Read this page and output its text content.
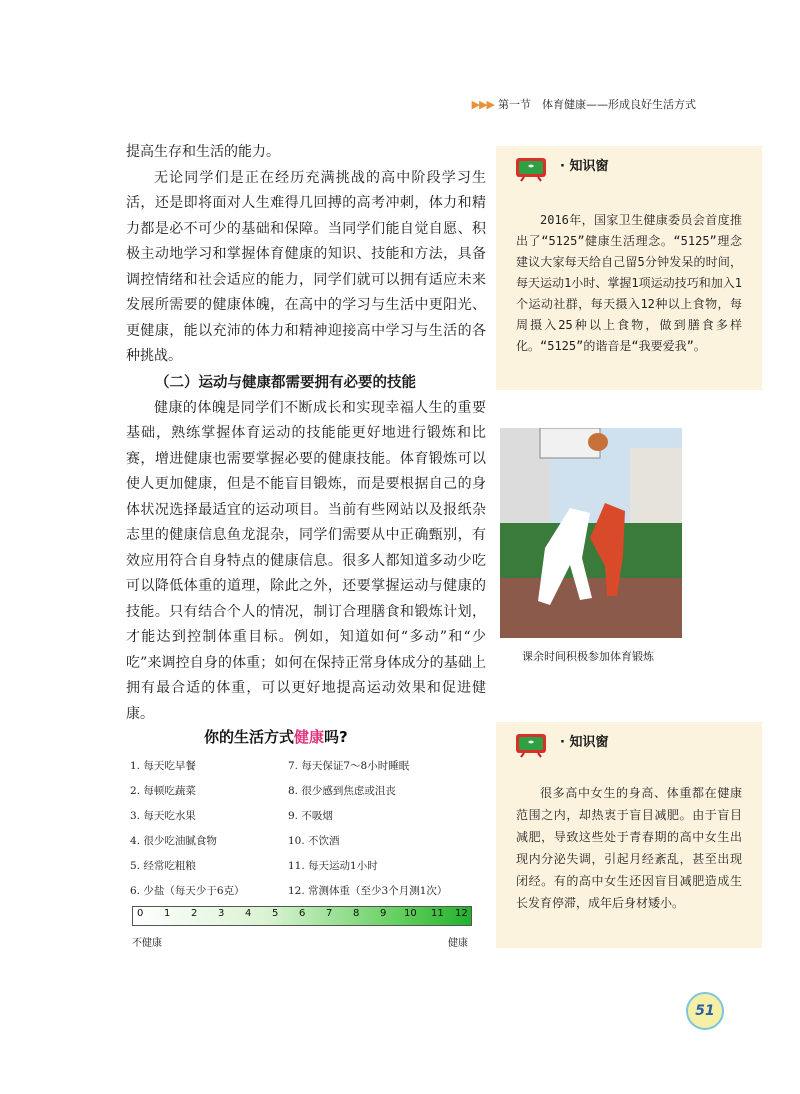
▶▶▶ 第一节　体育健康——形成良好生活方式

提高生存和生活的能力。

无论同学们是正在经历充满挑战的高中阶段学习生活，还是即将面对人生难得几回搏的高考冲刺，体力和精力都是必不可少的基础和保障。当同学们能自觉自愿、积极主动地学习和掌握体育健康的知识、技能和方法，具备调控情绪和社会适应的能力，同学们就可以拥有适应未来发展所需要的健康体魄，在高中的学习与生活中更阳光、更健康，能以充沛的体力和精神迎接高中学习与生活的各种挑战。

（二）运动与健康都需要拥有必要的技能

健康的体魄是同学们不断成长和实现幸福人生的重要基础，熟练掌握体育运动的技能能更好地进行锻炼和比赛，增进健康也需要掌握必要的健康技能。体育锻炼可以使人更加健康，但是不能盲目锻炼，而是要根据自己的身体状况选择最适宜的运动项目。当前有些网站以及报纸杂志里的健康信息鱼龙混杂，同学们需要从中正确甄别，有效应用符合自身特点的健康信息。很多人都知道多动少吃可以降低体重的道理，除此之外，还要掌握运动与健康的技能。只有结合个人的情况，制订合理膳食和锻炼计划，才能达到控制体重目标。例如，知道如何“多动”和“少吃”来调控自身的体重；如何在保持正常身体成分的基础上拥有最合适的体重，可以更好地提高运动效果和促进健康。

· 知识窗
2016年，国家卫生健康委员会首度推出了“5125”健康生活理念。“5125”理念建议大家每天给自己留5分钟发呆的时间，每天运动1小时、掌握1项运动技巧和加入1个运动社群，每天摄入12种以上食物，每周摄入25种以上食物，做到膳食多样化。“5125”的谐音是“我要爱我”。
课余时间积极参加体育锻炼
你的生活方式健康吗?
1. 每天吃早餐
2. 每顿吃蔬菜
3. 每天吃水果
4. 很少吃油腻食物
5. 经常吃粗粮
6. 少盐（每天少于6克）
7. 每天保证7～8小时睡眠
8. 很少感到焦虑或沮丧
9. 不吸烟
10. 不饮酒
11. 每天运动1小时
12. 常测体重（至少3个月测1次）
0 1 2 3 4 5 6 7 8 9 10 11 12
不健康	健康
· 知识窗
很多高中女生的身高、体重都在健康范围之内，却热衷于盲目减肥。由于盲目减肥，导致这些处于青春期的高中女生出现内分泌失调，引起月经紊乱，甚至出现闭经。有的高中女生还因盲目减肥造成生长发育停滞，成年后身材矮小。
51
